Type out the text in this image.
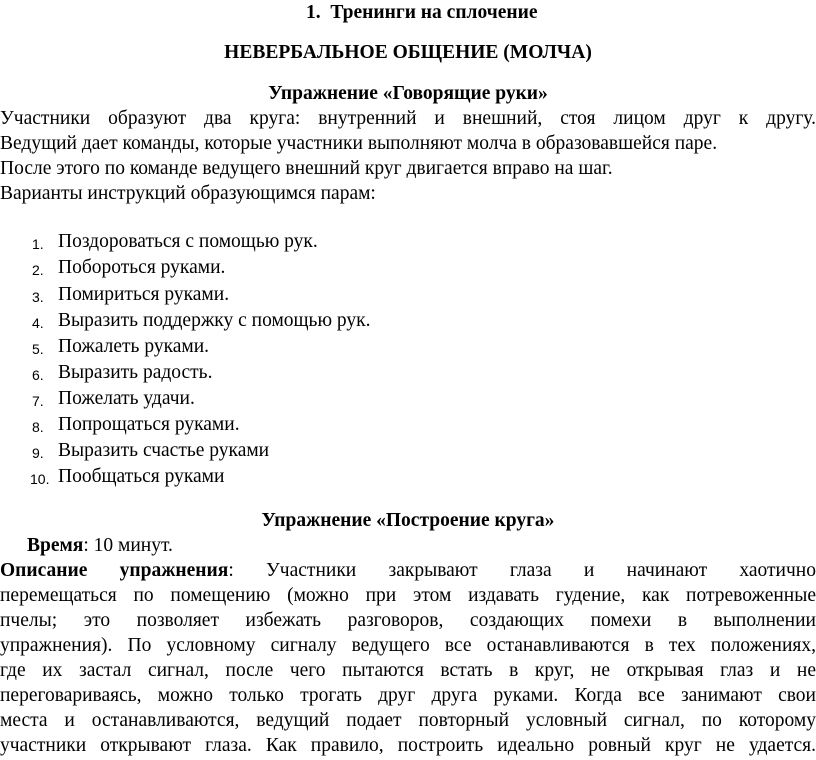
1. Тренинги на сплочение
НЕВЕРБАЛЬНОЕ ОБЩЕНИЕ (МОЛЧА)
Упражнение «Говорящие руки»
Участники образуют два круга: внутренний и внешний, стоя лицом друг к другу.
Ведущий дает команды, которые участники выполняют молча в образовавшейся паре.
После этого по команде ведущего внешний круг двигается вправо на шаг.
Варианты инструкций образующимся парам:
1. Поздороваться с помощью рук.
2. Побороться руками.
3. Помириться руками.
4. Выразить поддержку с помощью рук.
5. Пожалеть руками.
6. Выразить радость.
7. Пожелать удачи.
8. Попрощаться руками.
9. Выразить счастье руками
10. Пообщаться руками
Упражнение «Построение круга»
Время: 10 минут.
Описание упражнения: Участники закрывают глаза и начинают хаотично
перемещаться по помещению (можно при этом издавать гудение, как потревоженные
пчелы; это позволяет избежать разговоров, создающих помехи в выполнении
упражнения). По условному сигналу ведущего все останавливаются в тех положениях,
где их застал сигнал, после чего пытаются встать в круг, не открывая глаз и не
переговариваясь, можно только трогать друг друга руками. Когда все занимают свои
места и останавливаются, ведущий подает повторный условный сигнал, по которому
участники открывают глаза. Как правило, построить идеально ровный круг не удается.
